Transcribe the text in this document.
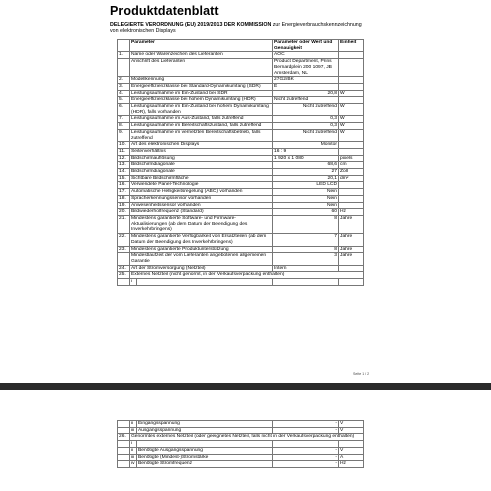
Produktdatenblatt
DELEGIERTE VERORDNUNG (EU) 2019/2013 DER KOMMISSION zur Energieverbrauchskennzeichnung von elektronischen Displays
	Parameter		Parameter oder Wert und Genauigkeit	Einheit
1.	Name oder Warenzeichen des Lieferanten		AOC	
	Anschrift des Lieferanten		Product Department, Prins Bernardplein 200 1097, JB Amsterdam, NL	
2.	Modellkennung		27G2/BK	
3.	Energieeffizienzklasse bei Standard-Dynamikumfang (SDR)		E	
4.	Leistungsaufnahme im Ein-Zustand bei SDR		20,8	W
5.	Energieeffizienzklasse bei hohem Dynamikumfang (HDR)		Nicht zutreffend	
6.	Leistungsaufnahme im Ein-Zustand bei hohem Dynamikumfang (HDR), falls vorhanden		Nicht zutreffend	W
7.	Leistungsaufnahme im Aus-Zustand, falls zutreffend		0,3	W
8.	Leistungsaufnahme im Bereitschaftszustand, falls zutreffend		0,3	W
9.	Leistungsaufnahme im vernetzten Bereitschaftsbetrieb, falls zutreffend		Nicht zutreffend	W
10.	Art des elektronischen Displays		Monitor	
11.	Seitenverhältnis		16 : 9	
12.	Bildschirmauflösung		1 920 x 1 080	pixels
13.	Bildschirmdiagonale		68,6	cm
14.	Bildschirmdiagonale		27	Zoll
15.	Sichtbare Bildschirmfläche		20,1	dm²
16.	Verwendete Panel-Technologie		LED LCD	
17.	Automatische Helligkeitsregelung (ABC) vorhanden		Nein	
18.	Spracherkennungssensor vorhanden		Nein	
19.	Anwesenheitssensor vorhanden		Nein	
20.	Bildwiederholfrequenz (Standard)		60	Hz
21.	Mindestens garantierte Software- und Firmware-Aktualisierungen (ab dem Datum der Beendigung des Inverkehrbringens)		8	Jahre
22.	Mindestens garantierte Verfügbarkeit von Ersatzteilen (ab dem Datum der Beendigung des Inverkehrbringens)		7	Jahre
23.	Mindestens garantierte Produktunterstützung		8	Jahre
	Mindestlaufzeit der vom Lieferanten angebotenen allgemeinen Garantie		3	Jahre
24.	Art der Stromversorgung (Netzteil)		Intern	
25.	Externes Netzteil (nicht genormt, in der Verkaufsverpackung enthalten)			
	i			
Seite 1 / 2
	ii	Eingangsspannung	-	V
	iii	Ausgangsspannung	-	V
26.	Genormtes externes Netzteil (oder geeignetes Netzteil, falls nicht in der Verkaufsverpackung enthalten)			
	i			
	ii	Benötigte Ausgangsspannung	-	V
	iii	Benötigte (Mindest-)Stromstärke	-	A
	iv	Benötigte Stromfrequenz	-	Hz
